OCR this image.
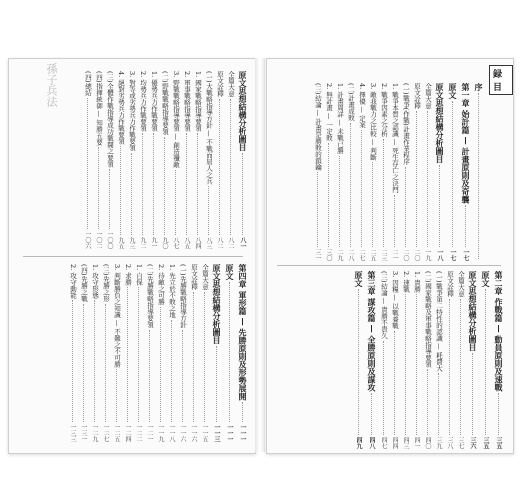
孫子兵法	原文思想結構分析圖目
八一
全篇大意
八二
原文詮釋
八二
(一)大戰略指導方針 — 不戰而屈人之兵
八三
1. 國家戰略指導要領
八四
2. 軍事戰略指導要領
八五
3. 野戰戰略指導要領 — 創造殲敵
八七
(二)野戰戰略指導要領
九〇
1. 優勢兵力作戰要領
九一
2. 均勢兵力作戰要領
九二
3. 對等或劣勢兵力作戰要領
九三
4. 絕對劣勢兵力作戰要領
九五
(三)全體作戰指導成功戰闘之要領
一〇〇
(四)指揮統御 — 知勝五要
一〇二
(四)總結
一〇六
第四章 軍形篇 — 先勝原則及形勢展開
一一一
原文
一一一
原文思想結構分析圖目
一一三
全篇大意
一一五
原文詮釋
一一六
(一)先勝戰略指導方針
一一六
1. 先立於不敗之地
一一八
2. 待敵之可勝
一一九
(二)先勝戰略指導要領
一二一
1. 自保
一二二
2. 求勝
一二四
3. 判斷勝負之知識 — 不難之不可勝
一二五
(三)先勝之形
一二七
1. 攻守形態
一二九
(四)先勝之戰
一三一
2. 攻守動能
一三三
録目
序
第一章 始計篇 — 計畫原則及奇襲
一七
原文
一七
原文思想結構分析圖目
一八
全篇大意
一九
原文詮釋
二〇
(一)戰爭(作戰)計畫作業程序
二〇
1. 戰爭本質之認識 — 死生存亡之決門
二一
2. 戰爭因素之分析
二三
3. 敵我戰力之比較 — 判斷
二五
4. 擇優 — 定案
二七
(二)計畫成敗
二八
1. 計畫周詳 — 未戰已勝
二九
2. 無計畫 — 一定敗
三〇
(三)結論 — 計畫是勝敗的鎖鑰
三一
第二章 作戰篇 — 動員原則及速戰
三五
原文
三五
原文思想結構分析圖目
三六
全篇大意
三七
原文詮釋
三八
(一)戰爭第二特性的認識 — 耗費大
三九
(二)國家戰略及軍事戰略指導要領
四〇
1. 貴勝
四一
2. 速戰
四三
3. 因糧 — 以戰養戰
四四
(三)結論 — 貴勝不貴久
四七
第三章 謀攻篇 — 全勝原則及謀攻
四八
原文
四九
